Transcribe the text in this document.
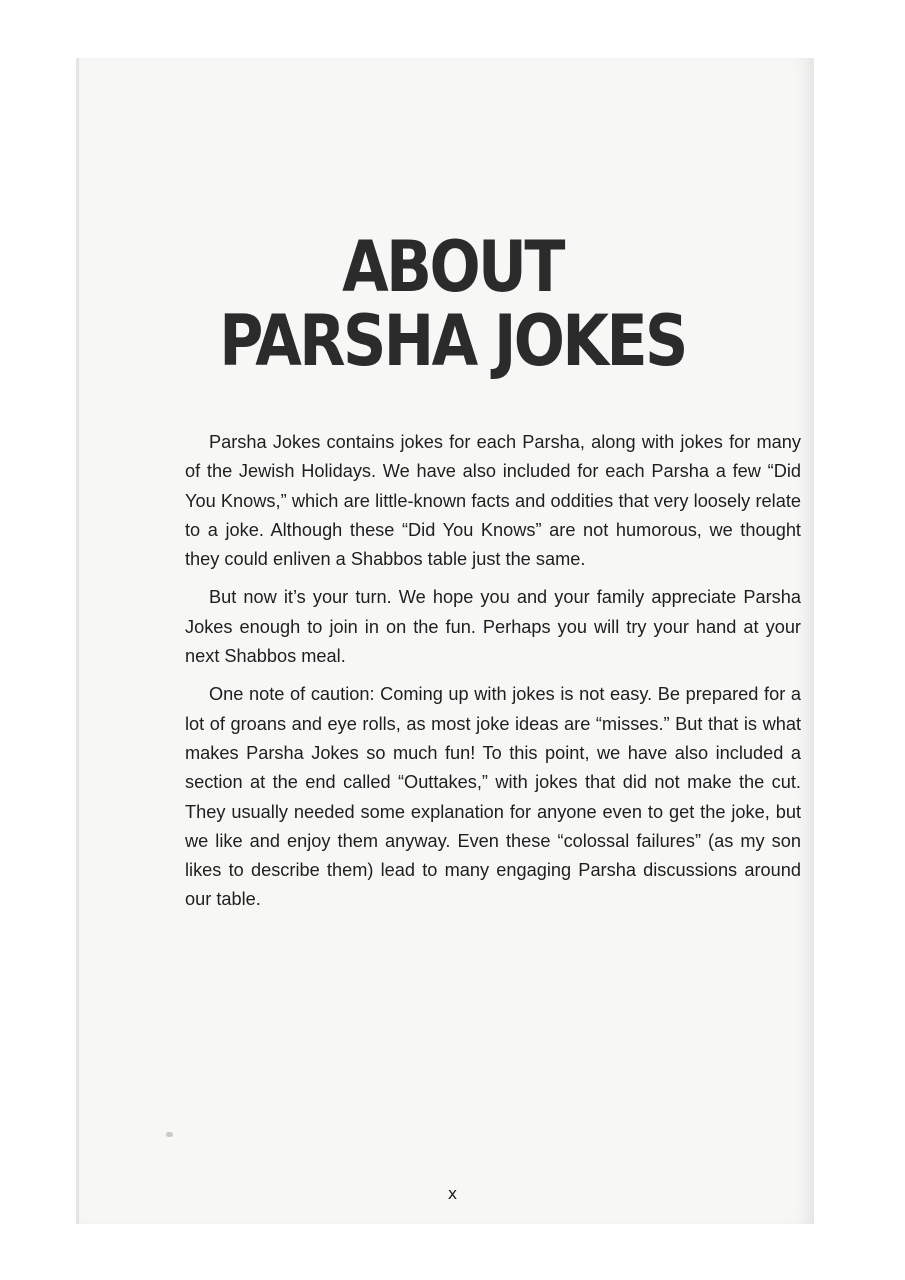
ABOUT
PARSHA JOKES

Parsha Jokes contains jokes for each Parsha, along with jokes for many of the Jewish Holidays. We have also included for each Parsha a few “Did You Knows,” which are little-known facts and oddities that very loosely relate to a joke. Although these “Did You Knows” are not humorous, we thought they could enliven a Shabbos table just the same.

But now it’s your turn. We hope you and your family appreciate Parsha Jokes enough to join in on the fun. Perhaps you will try your hand at your next Shabbos meal.

One note of caution: Coming up with jokes is not easy. Be prepared for a lot of groans and eye rolls, as most joke ideas are “misses.” But that is what makes Parsha Jokes so much fun! To this point, we have also included a section at the end called “Outtakes,” with jokes that did not make the cut. They usually needed some explanation for anyone even to get the joke, but we like and enjoy them anyway. Even these “colossal failures” (as my son likes to describe them) lead to many engaging Parsha discussions around our table.

x
